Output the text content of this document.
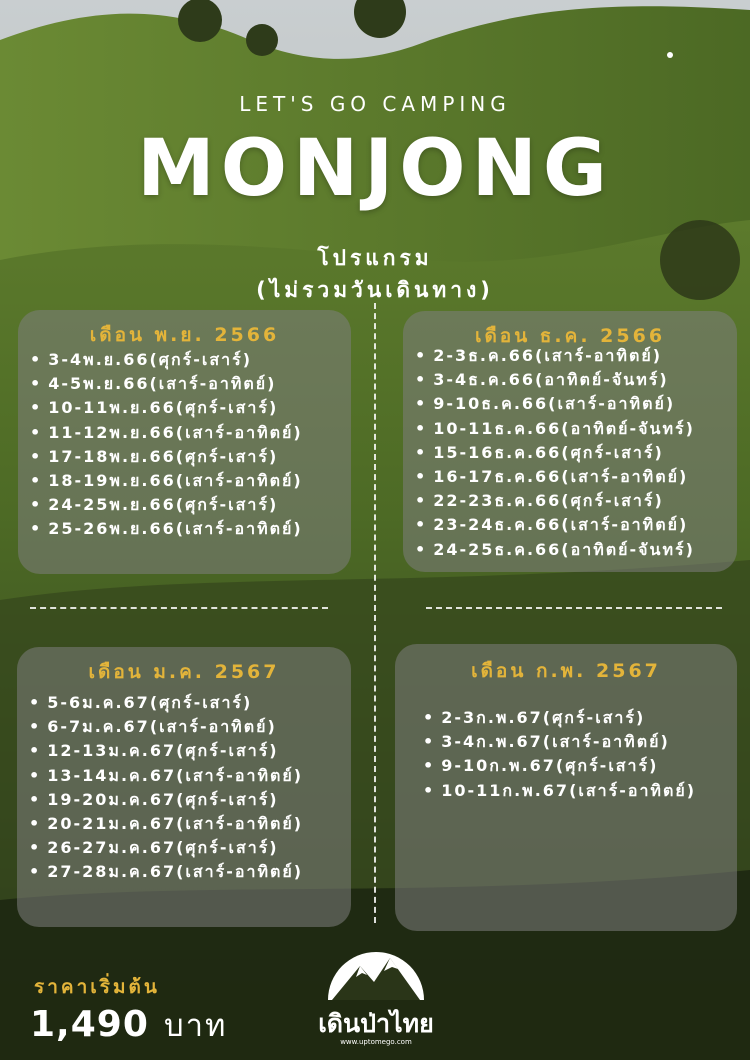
LET'S GO CAMPING
MONJONG
โปรแกรม
(ไม่รวมวันเดินทาง)
เดือน พ.ย. 2566
• 3-4พ.ย.66(ศุกร์-เสาร์)
• 4-5พ.ย.66(เสาร์-อาทิตย์)
• 10-11พ.ย.66(ศุกร์-เสาร์)
• 11-12พ.ย.66(เสาร์-อาทิตย์)
• 17-18พ.ย.66(ศุกร์-เสาร์)
• 18-19พ.ย.66(เสาร์-อาทิตย์)
• 24-25พ.ย.66(ศุกร์-เสาร์)
• 25-26พ.ย.66(เสาร์-อาทิตย์)
เดือน ธ.ค. 2566
• 2-3ธ.ค.66(เสาร์-อาทิตย์)
• 3-4ธ.ค.66(อาทิตย์-จันทร์)
• 9-10ธ.ค.66(เสาร์-อาทิตย์)
• 10-11ธ.ค.66(อาทิตย์-จันทร์)
• 15-16ธ.ค.66(ศุกร์-เสาร์)
• 16-17ธ.ค.66(เสาร์-อาทิตย์)
• 22-23ธ.ค.66(ศุกร์-เสาร์)
• 23-24ธ.ค.66(เสาร์-อาทิตย์)
• 24-25ธ.ค.66(อาทิตย์-จันทร์)
เดือน ม.ค. 2567
• 5-6ม.ค.67(ศุกร์-เสาร์)
• 6-7ม.ค.67(เสาร์-อาทิตย์)
• 12-13ม.ค.67(ศุกร์-เสาร์)
• 13-14ม.ค.67(เสาร์-อาทิตย์)
• 19-20ม.ค.67(ศุกร์-เสาร์)
• 20-21ม.ค.67(เสาร์-อาทิตย์)
• 26-27ม.ค.67(ศุกร์-เสาร์)
• 27-28ม.ค.67(เสาร์-อาทิตย์)
เดือน ก.พ. 2567
• 2-3ก.พ.67(ศุกร์-เสาร์)
• 3-4ก.พ.67(เสาร์-อาทิตย์)
• 9-10ก.พ.67(ศุกร์-เสาร์)
• 10-11ก.พ.67(เสาร์-อาทิตย์)
ราคาเริ่มต้น
1,490 บาท	เดินป่าไทย
www.uptomego.com
